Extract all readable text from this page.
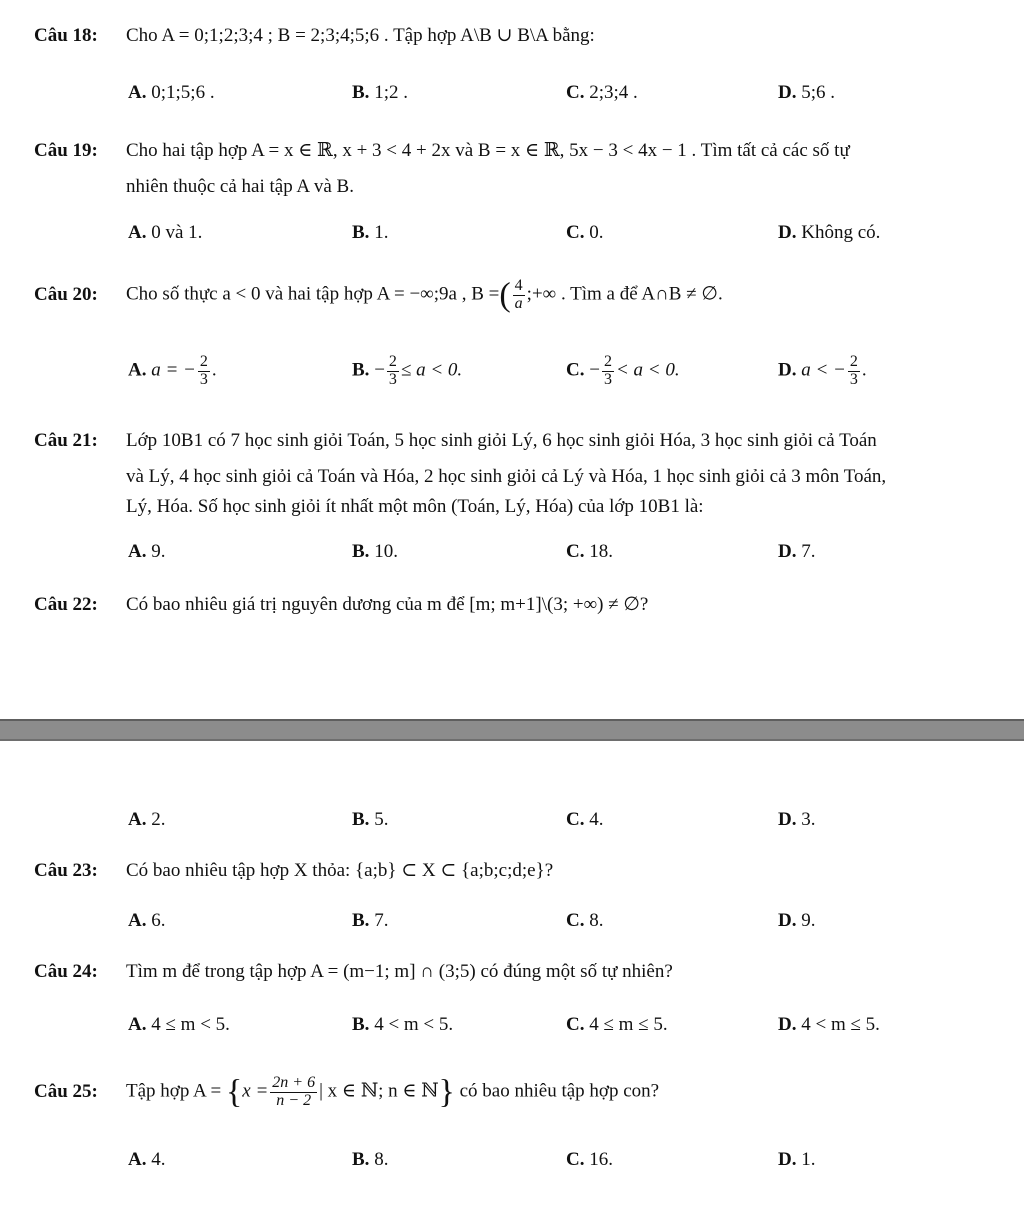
Câu 18: Cho A = 0;1;2;3;4 ; B = 2;3;4;5;6 . Tập hợp A\B ∪ B\A bằng:
A. 0;1;5;6 .	B. 1;2 .	C. 2;3;4 .	D. 5;6 .
Câu 19: Cho hai tập hợp A = x ∈ ℝ, x + 3 < 4 + 2x và B = x ∈ ℝ, 5x − 3 < 4x − 1 . Tìm tất cả các số tự
nhiên thuộc cả hai tập A và B.
A. 0 và 1.	B. 1.	C. 0.	D. Không có.
Câu 20: Cho số thực a < 0 và hai tập hợp A = −∞;9a , B =( $\frac{4}{a}$ ;+∞ . Tìm a để A∩B ≠ ∅.
A. a = − $\frac{2}{3}$ .	B. − $\frac{2}{3} \le a < 0$.	C. − $\frac{2}{3} < a < 0$.	D. a < − $\frac{2}{3}$ .
Câu 21: Lớp 10B1 có 7 học sinh giỏi Toán, 5 học sinh giỏi Lý, 6 học sinh giỏi Hóa, 3 học sinh giỏi cả Toán
và Lý, 4 học sinh giỏi cả Toán và Hóa, 2 học sinh giỏi cả Lý và Hóa, 1 học sinh giỏi cả 3 môn Toán,
Lý, Hóa. Số học sinh giỏi ít nhất một môn (Toán, Lý, Hóa) của lớp 10B1 là:
A. 9.	B. 10.	C. 18.	D. 7.
Câu 22: Có bao nhiêu giá trị nguyên dương của m để [m; m+1]\(3; +∞) ≠ ∅?
A. 2.	B. 5.	C. 4.	D. 3.
Câu 23: Có bao nhiêu tập hợp X thỏa: {a;b} ⊂ X ⊂ {a;b;c;d;e}?
A. 6.	B. 7.	C. 8.	D. 9.
Câu 24: Tìm m để trong tập hợp A = (m−1; m] ∩ (3;5) có đúng một số tự nhiên?
A. 4 ≤ m < 5.	B. 4 < m < 5.	C. 4 ≤ m ≤ 5.	D. 4 < m ≤ 5.
Câu 25: Tập hợp $A = \{x = \frac{2n + 6}{n - 2}$ | x ∈ ℕ; n ∈ ℕ} có bao nhiêu tập hợp con?
A. 4.	B. 8.	C. 16.	D. 1.
